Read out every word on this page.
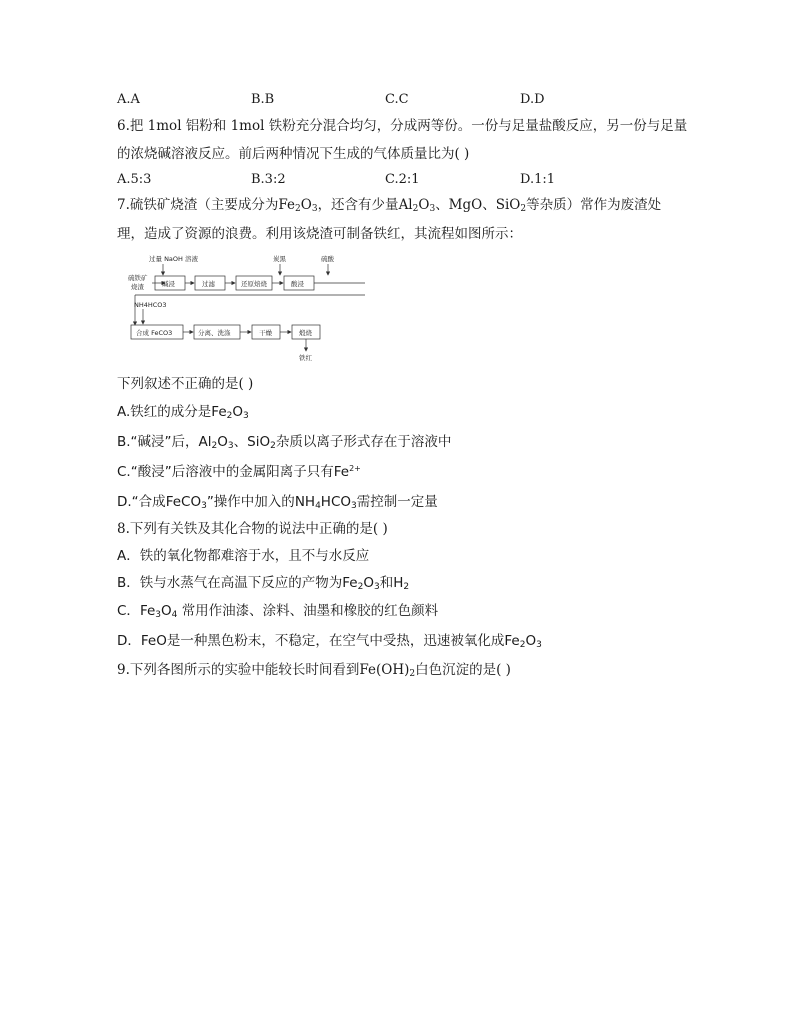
A.A	B.B	C.C	D.D
6.把 1mol 铝粉和 1mol 铁粉充分混合均匀，分成两等份。一份与足量盐酸反应，另一份与足量
的浓烧碱溶液反应。前后两种情况下生成的气体质量比为( )
A.5:3	B.3:2	C.2:1	D.1:1
7.硫铁矿烧渣（主要成分为$Fe_2O_3$，还含有少量$Al_2O_3$、MgO、SiO$_2$等杂质）常作为废渣处
理，造成了资源的浪费。利用该烧渣可制备铁红，其流程如图所示：
硫铁矿
烧渣
过量 NaOH 溶液	炭黑	硫酸
碱浸	过滤	还原焙烧	酸浸
NH4HCO3
合成 FeCO3	分离、洗涤	干燥	煅烧
铁红
下列叙述不正确的是( )
A.铁红的成分是$Fe_2O_3$
B.“碱浸”后，$Al_2O_3$、SiO$_2$杂质以离子形式存在于溶液中
C.“酸浸”后溶液中的金属阳离子只有$Fe^{2+}$
D.“合成FeCO$_3$”操作中加入的$NH_4HCO_3$需控制一定量
8.下列有关铁及其化合物的说法中正确的是( )
A．铁的氧化物都难溶于水，且不与水反应
B．铁与水蒸气在高温下反应的产物为$Fe_2O_3$和$H_2$
C．$Fe_3O_4$ 常用作油漆、涂料、油墨和橡胶的红色颜料
D．FeO是一种黑色粉末，不稳定，在空气中受热，迅速被氧化成$Fe_2O_3$
9.下列各图所示的实验中能较长时间看到$Fe(OH)_2$白色沉淀的是( )
